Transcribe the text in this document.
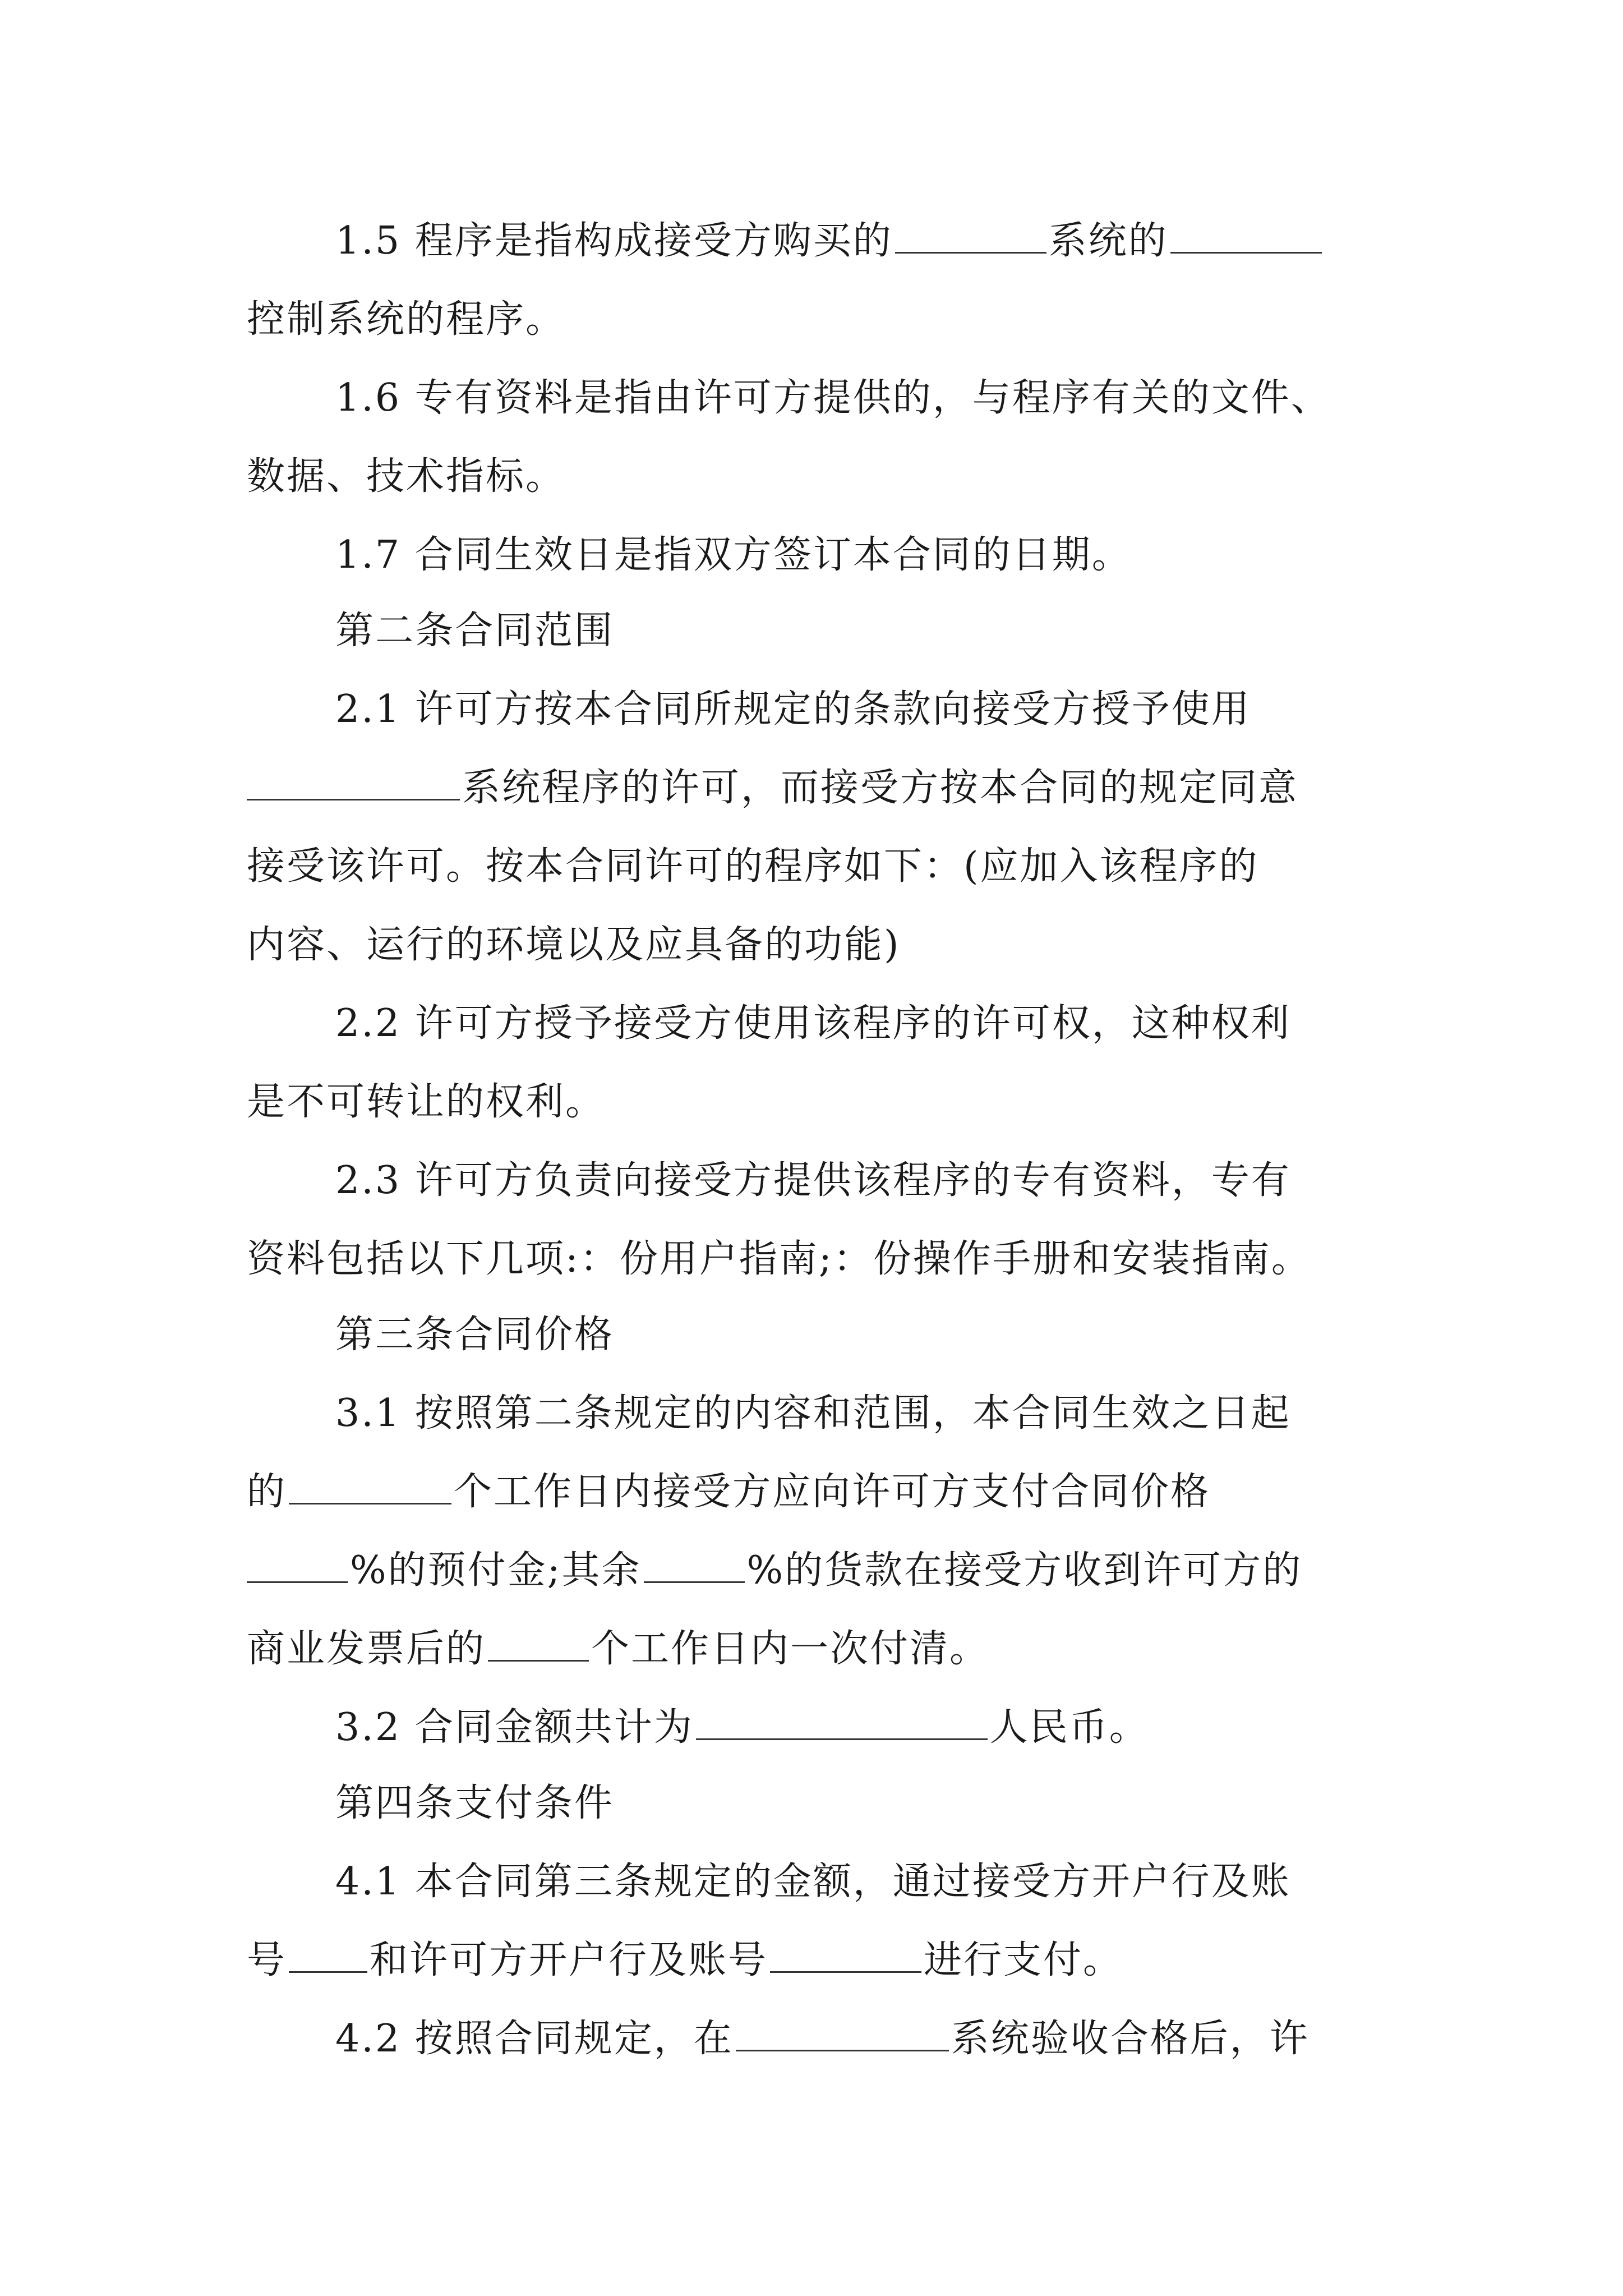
1.5 程序是指构成接受方购买的	系统的
控制系统的程序。
1.6 专有资料是指由许可方提供的，与程序有关的文件、
数据、技术指标。
1.7 合同生效日是指双方签订本合同的日期。
第二条合同范围
2.1 许可方按本合同所规定的条款向接受方授予使用
系统程序的许可，而接受方按本合同的规定同意
接受该许可。按本合同许可的程序如下：(应加入该程序的
内容、运行的环境以及应具备的功能)
2.2 许可方授予接受方使用该程序的许可权，这种权利
是不可转让的权利。
2.3 许可方负责向接受方提供该程序的专有资料，专有
资料包括以下几项:：份用户指南;：份操作手册和安装指南。
第三条合同价格
3.1 按照第二条规定的内容和范围，本合同生效之日起
的	个工作日内接受方应向许可方支付合同价格
%的预付金;其余	%的货款在接受方收到许可方的
商业发票后的	个工作日内一次付清。
3.2 合同金额共计为	人民币。
第四条支付条件
4.1 本合同第三条规定的金额，通过接受方开户行及账
号 和许可方开户行及账号	进行支付。
4.2 按照合同规定，在	系统验收合格后，许
